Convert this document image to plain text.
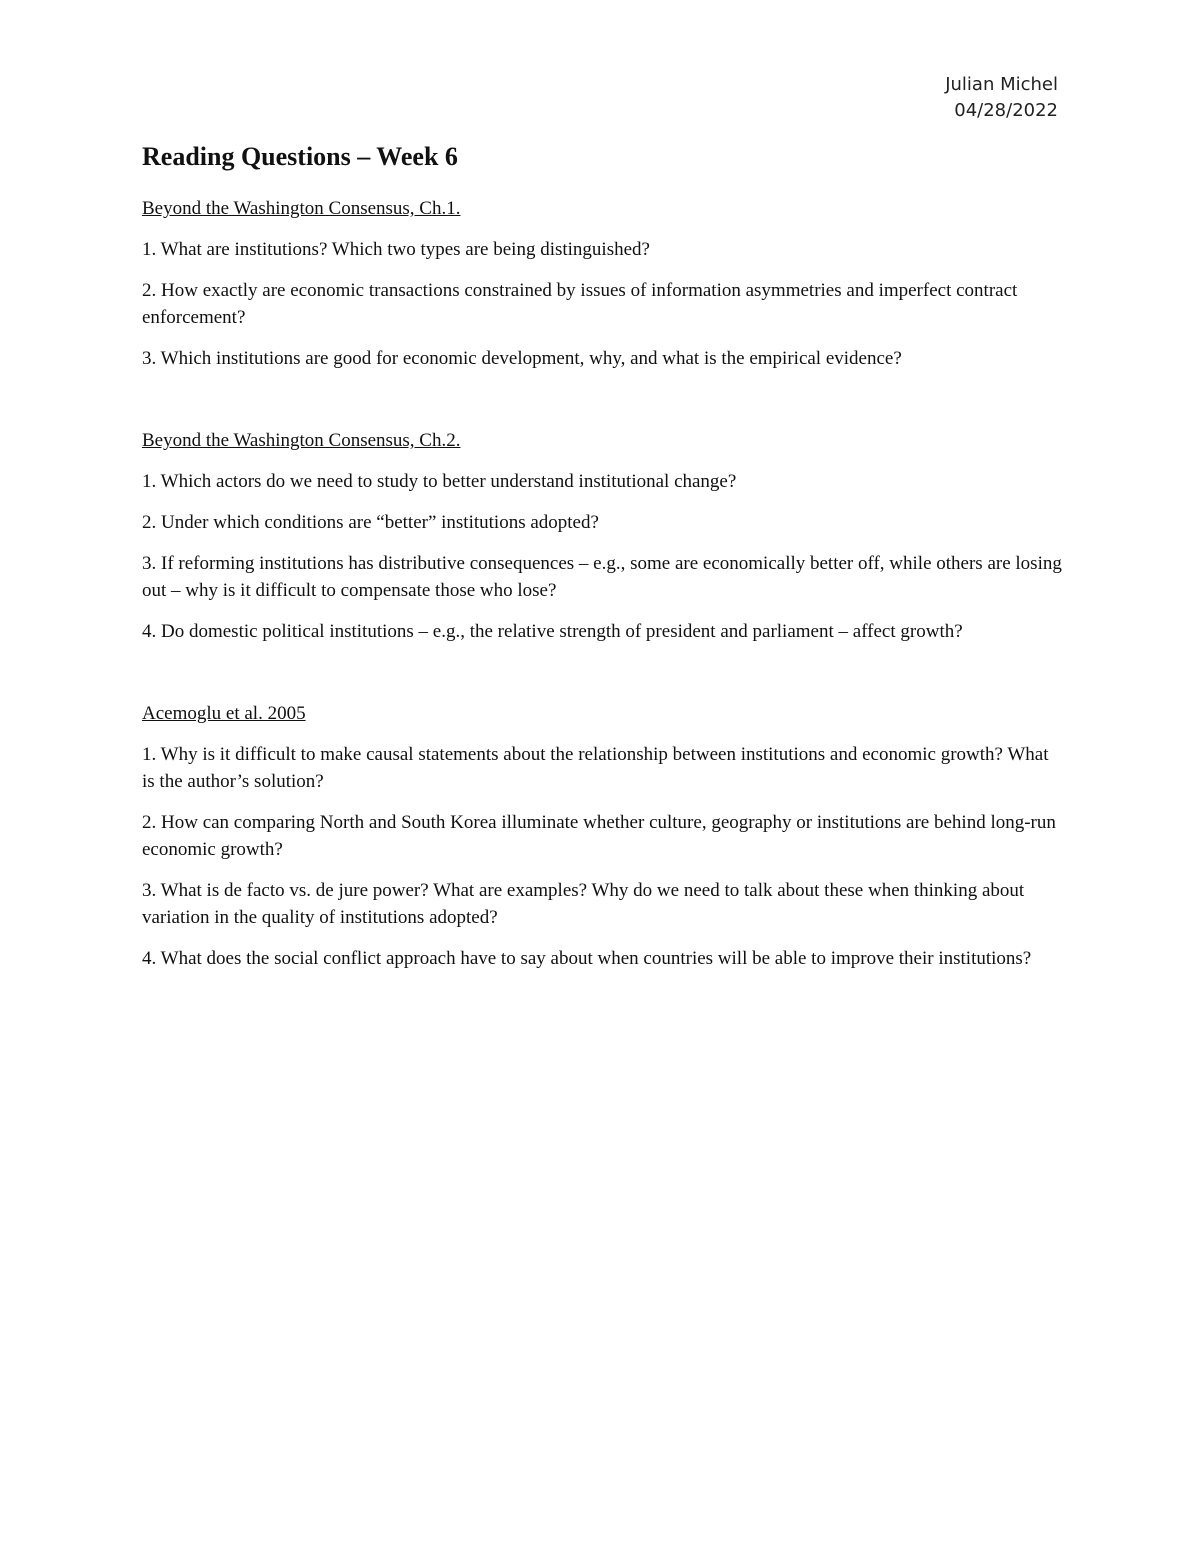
Julian Michel
04/28/2022
Reading Questions – Week 6
Beyond the Washington Consensus, Ch.1.

1. What are institutions? Which two types are being distinguished?

2. How exactly are economic transactions constrained by issues of information asymmetries and imperfect contract enforcement?

3. Which institutions are good for economic development, why, and what is the empirical evidence?

Beyond the Washington Consensus, Ch.2.

1. Which actors do we need to study to better understand institutional change?

2. Under which conditions are “better” institutions adopted?

3. If reforming institutions has distributive consequences – e.g., some are economically better off, while others are losing out – why is it difficult to compensate those who lose?

4. Do domestic political institutions – e.g., the relative strength of president and parliament – affect growth?

Acemoglu et al. 2005

1. Why is it difficult to make causal statements about the relationship between institutions and economic growth? What is the author’s solution?

2. How can comparing North and South Korea illuminate whether culture, geography or institutions are behind long-run economic growth?

3. What is de facto vs. de jure power? What are examples? Why do we need to talk about these when thinking about variation in the quality of institutions adopted?

4. What does the social conflict approach have to say about when countries will be able to improve their institutions?
